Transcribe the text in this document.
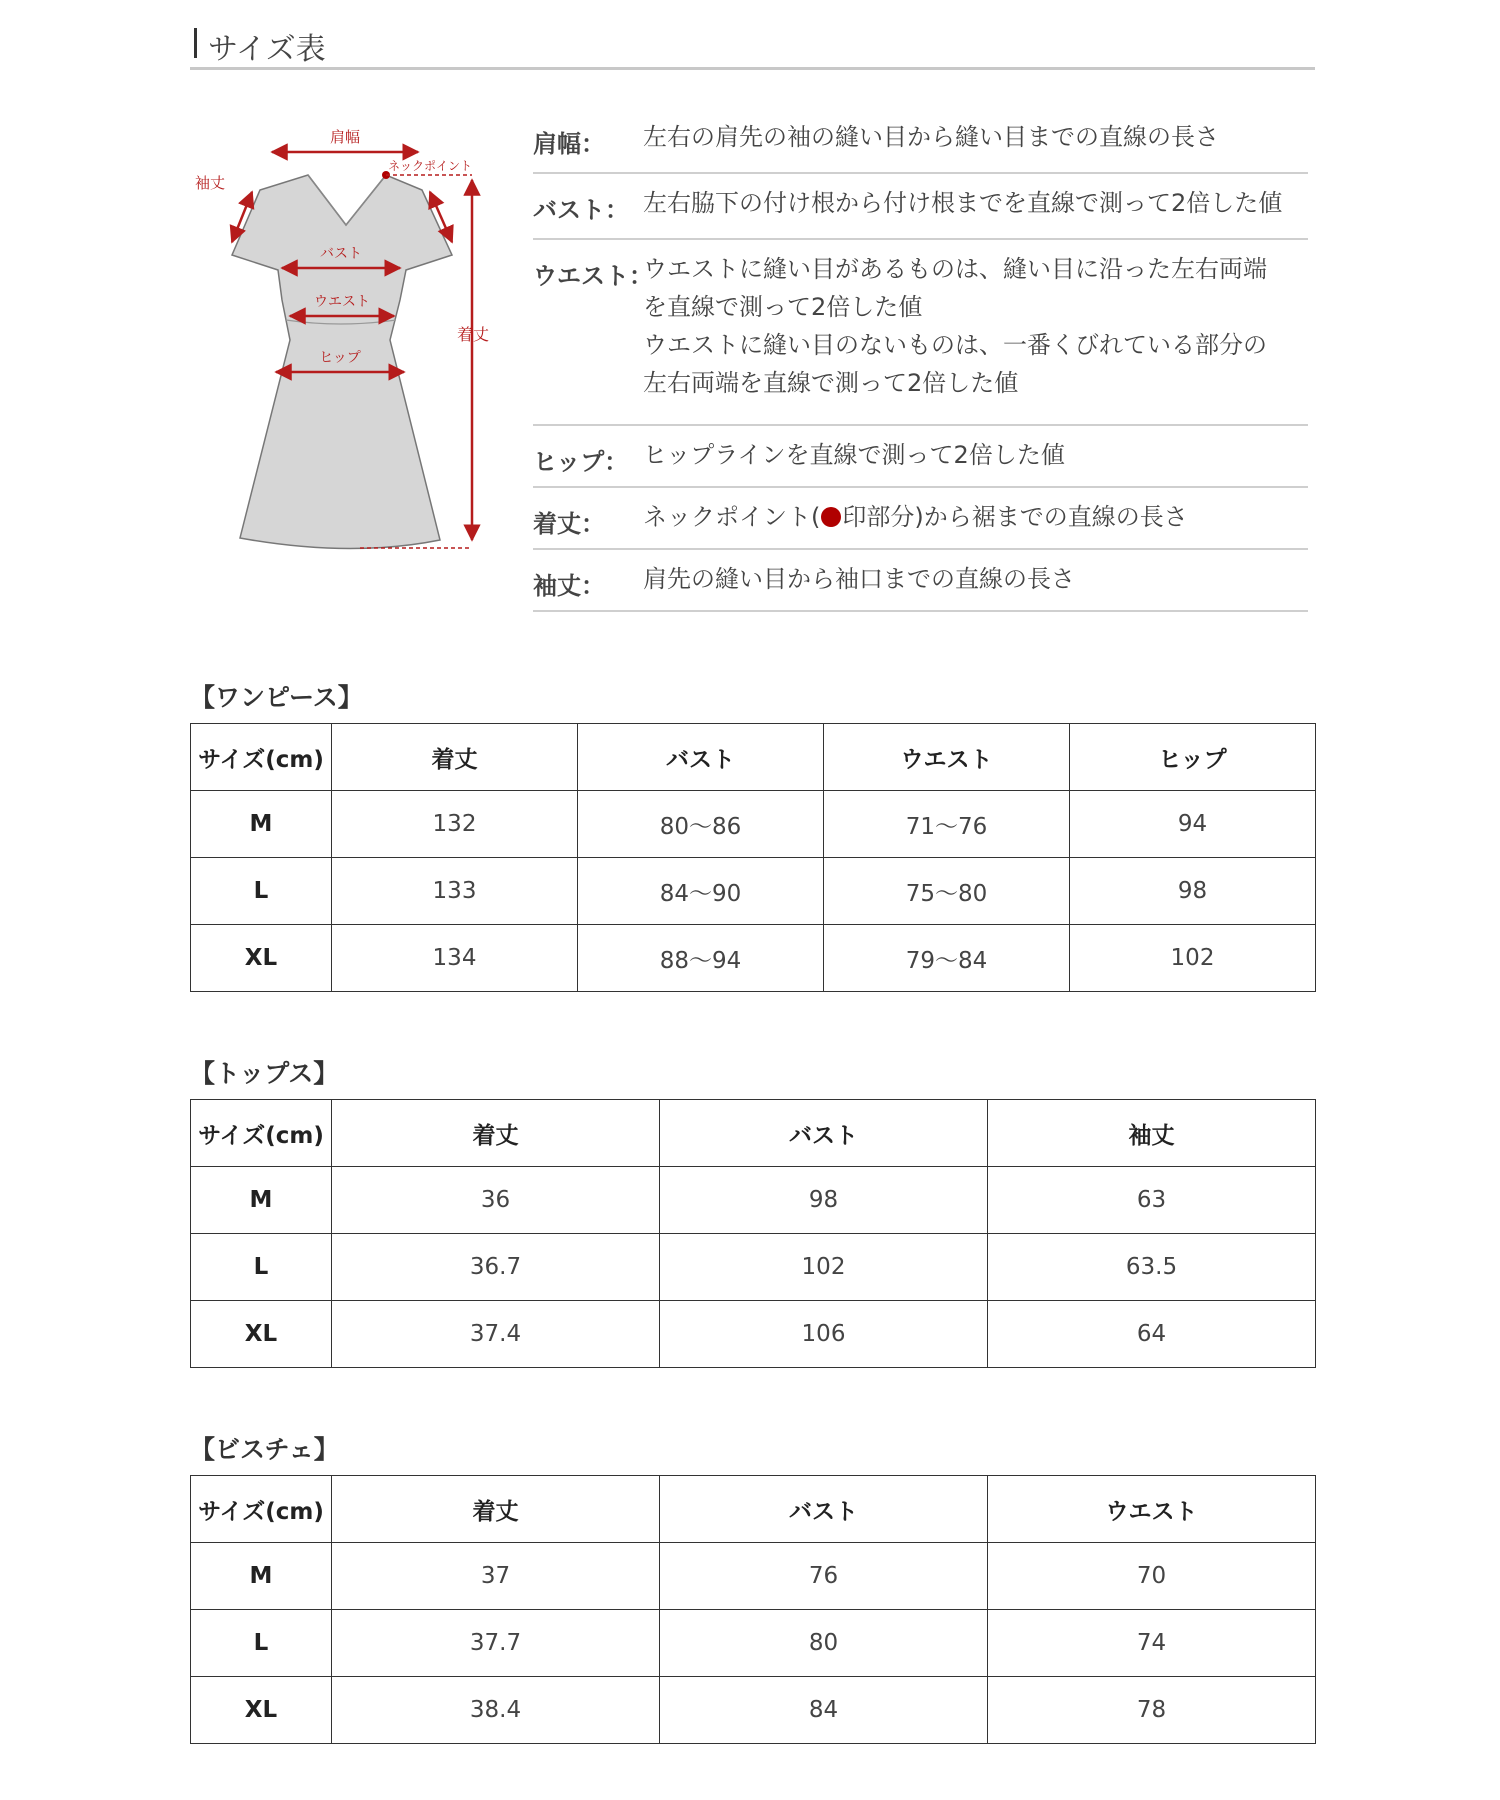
サイズ表
肩幅
ネックポイント
袖丈
バスト
ウエスト
ヒップ
着丈
肩幅： 左右の肩先の袖の縫い目から縫い目までの直線の長さ
バスト： 左右脇下の付け根から付け根までを直線で測って2倍した値
ウエスト：
ウエストに縫い目があるものは、縫い目に沿った左右両端
を直線で測って2倍した値
ウエストに縫い目のないものは、一番くびれている部分の
左右両端を直線で測って2倍した値
ヒップ： ヒップラインを直線で測って2倍した値
着丈： ネックポイント( 印部分)から裾までの直線の長さ
袖丈： 肩先の縫い目から袖口までの直線の長さ
【ワンピース】
サイズ(cm)	着丈	バスト	ウエスト	ヒップ
M	132	80〜86	71〜76	94
L	133	84〜90	75〜80	98
XL	134	88〜94	79〜84	102
【トップス】
サイズ(cm)	着丈	バスト	袖丈
M	36	98	63
L	36.7	102	63.5
XL	37.4	106	64
【ビスチェ】
サイズ(cm)	着丈	バスト	ウエスト
M	37	76	70
L	37.7	80	74
XL	38.4	84	78
